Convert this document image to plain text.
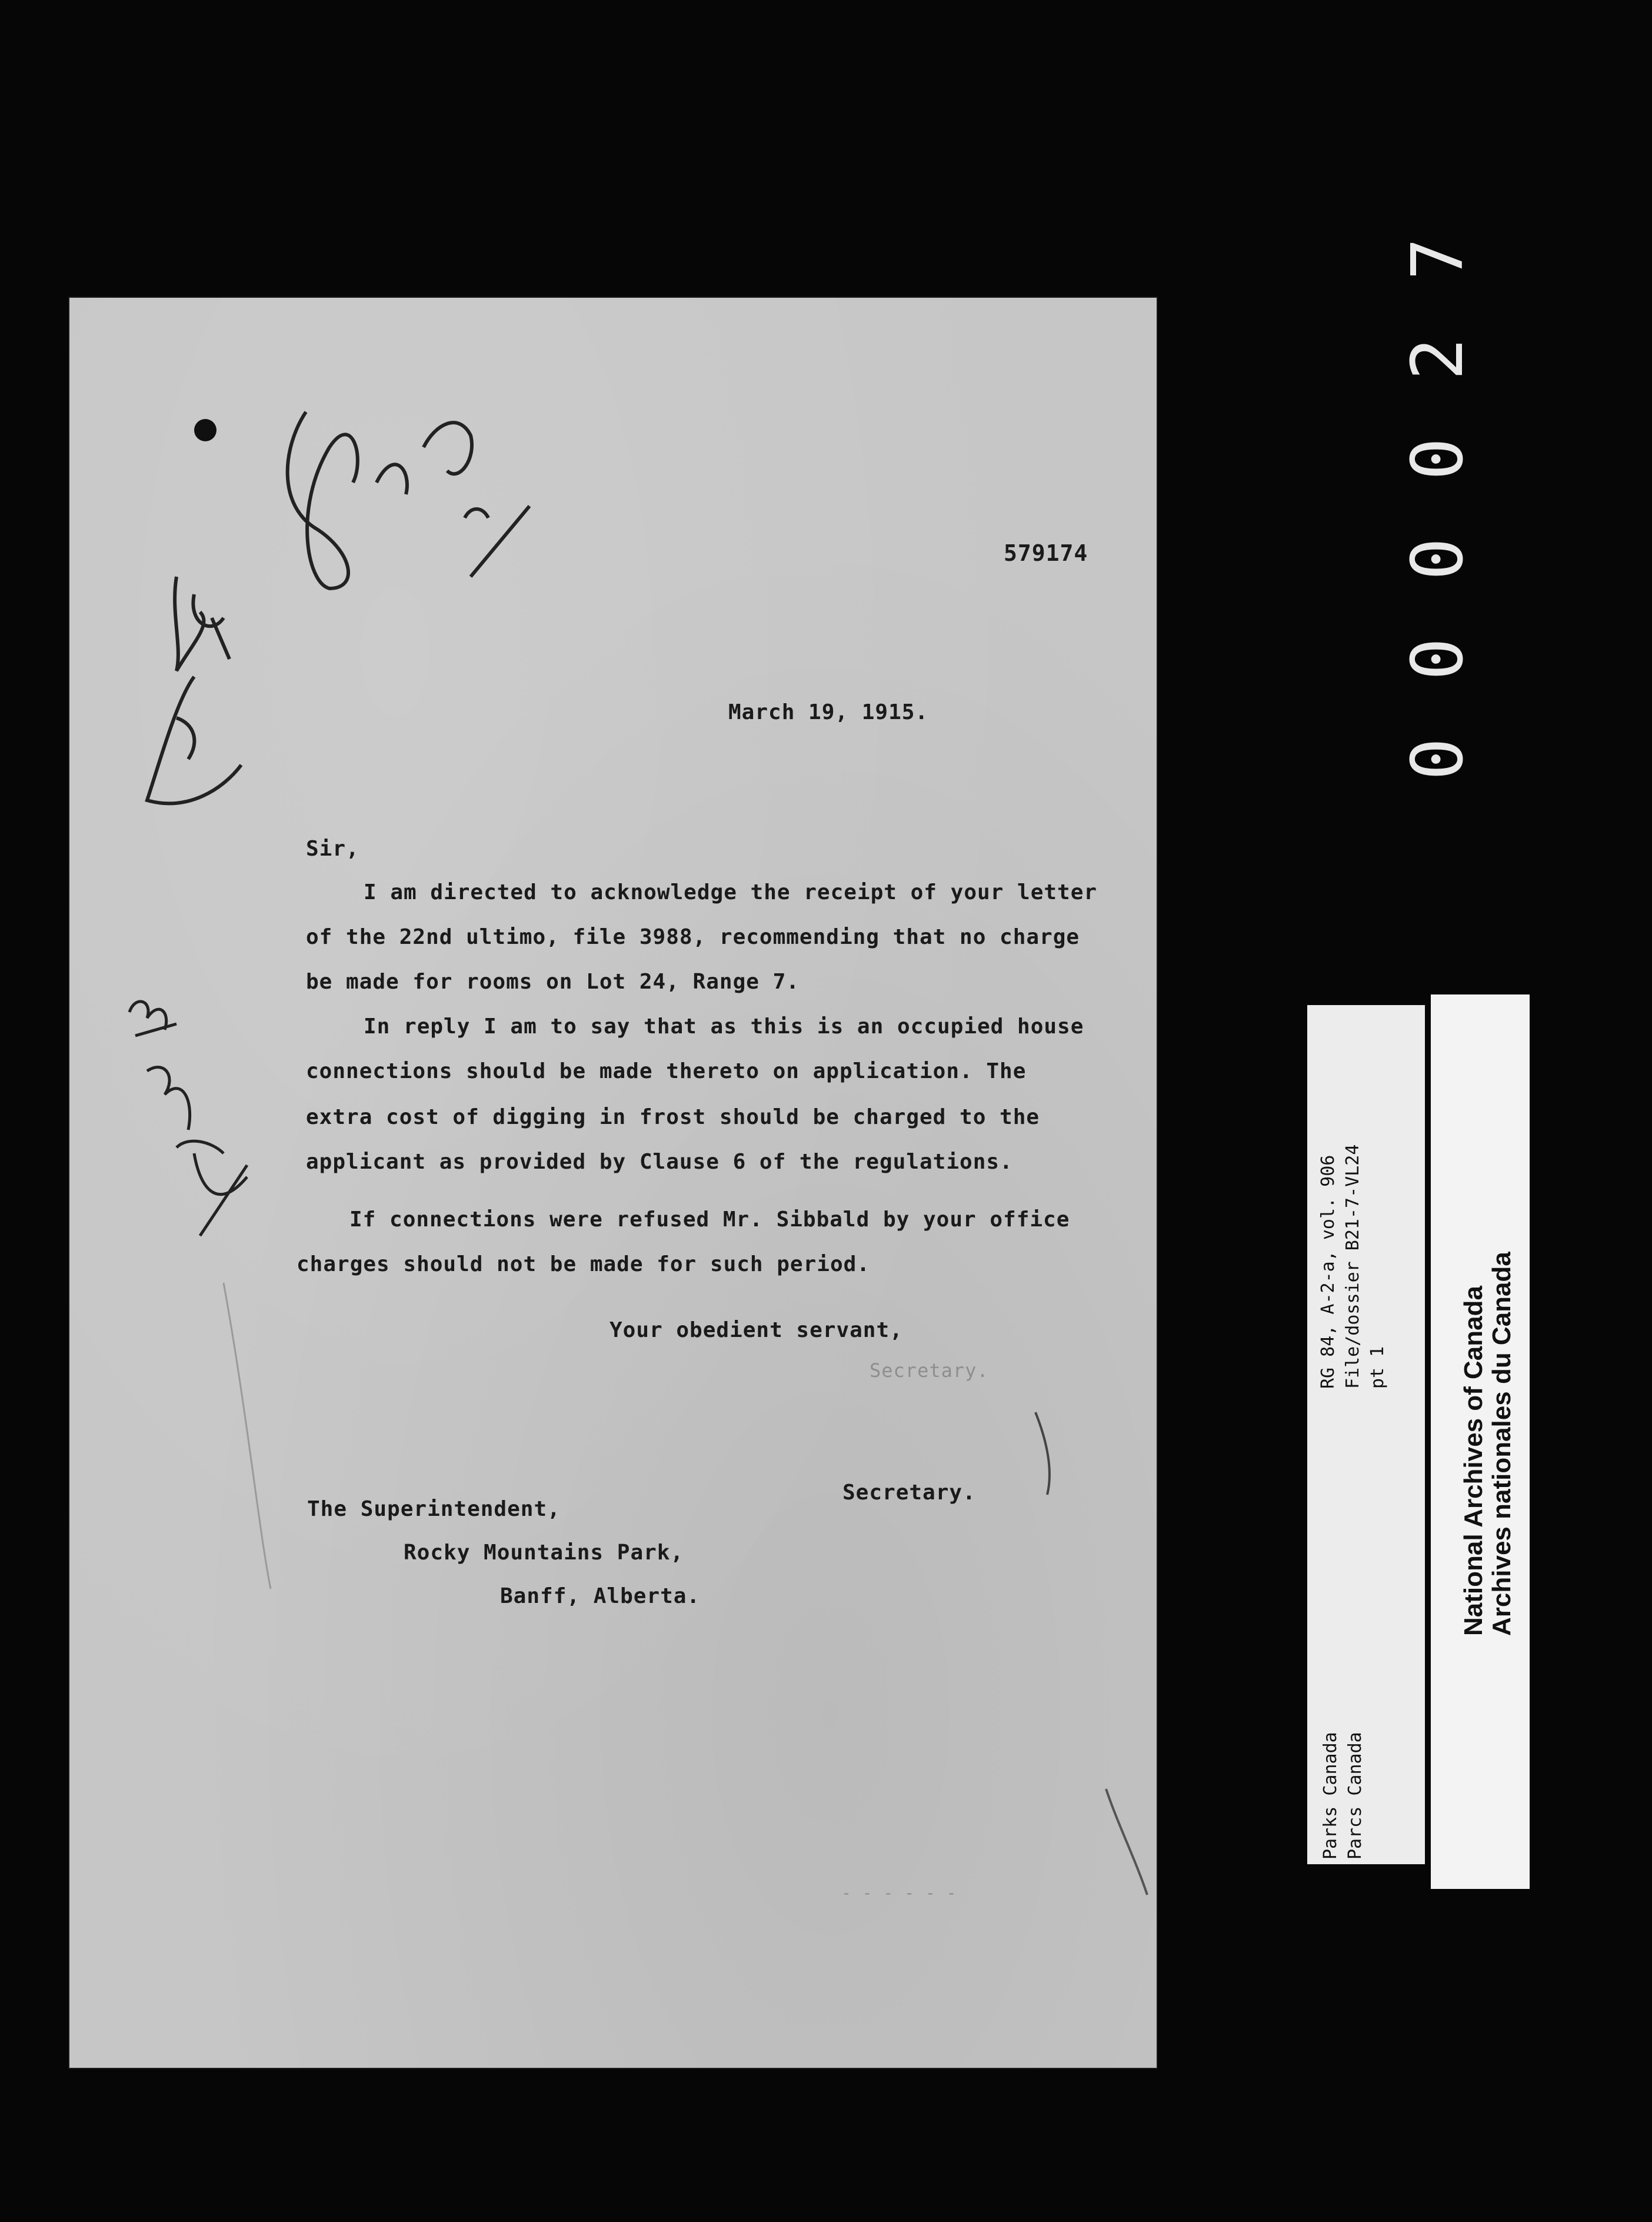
579174
March 19, 1915.
Sir,
I am directed to acknowledge the receipt of your letter
of the 22nd ultimo, file 3988, recommending that no charge
be made for rooms on Lot 24, Range 7.
In reply I am to say that as this is an occupied house
connections should be made thereto on application. The
extra cost of digging in frost should be charged to the
applicant as provided by Clause 6 of the regulations.
If connections were refused Mr. Sibbald by your office
charges should not be made for such period.
Your obedient servant,
Secretary.
Secretary.
The Superintendent,
Rocky Mountains Park,
Banff, Alberta.
- - - - - -
7
2
0
0
0
0
RG 84, A-2-a, vol. 906 File/dossier B21-7-VL24 pt 1
Parks Canada Parcs Canada
National Archives of Canada Archives nationales du Canada
